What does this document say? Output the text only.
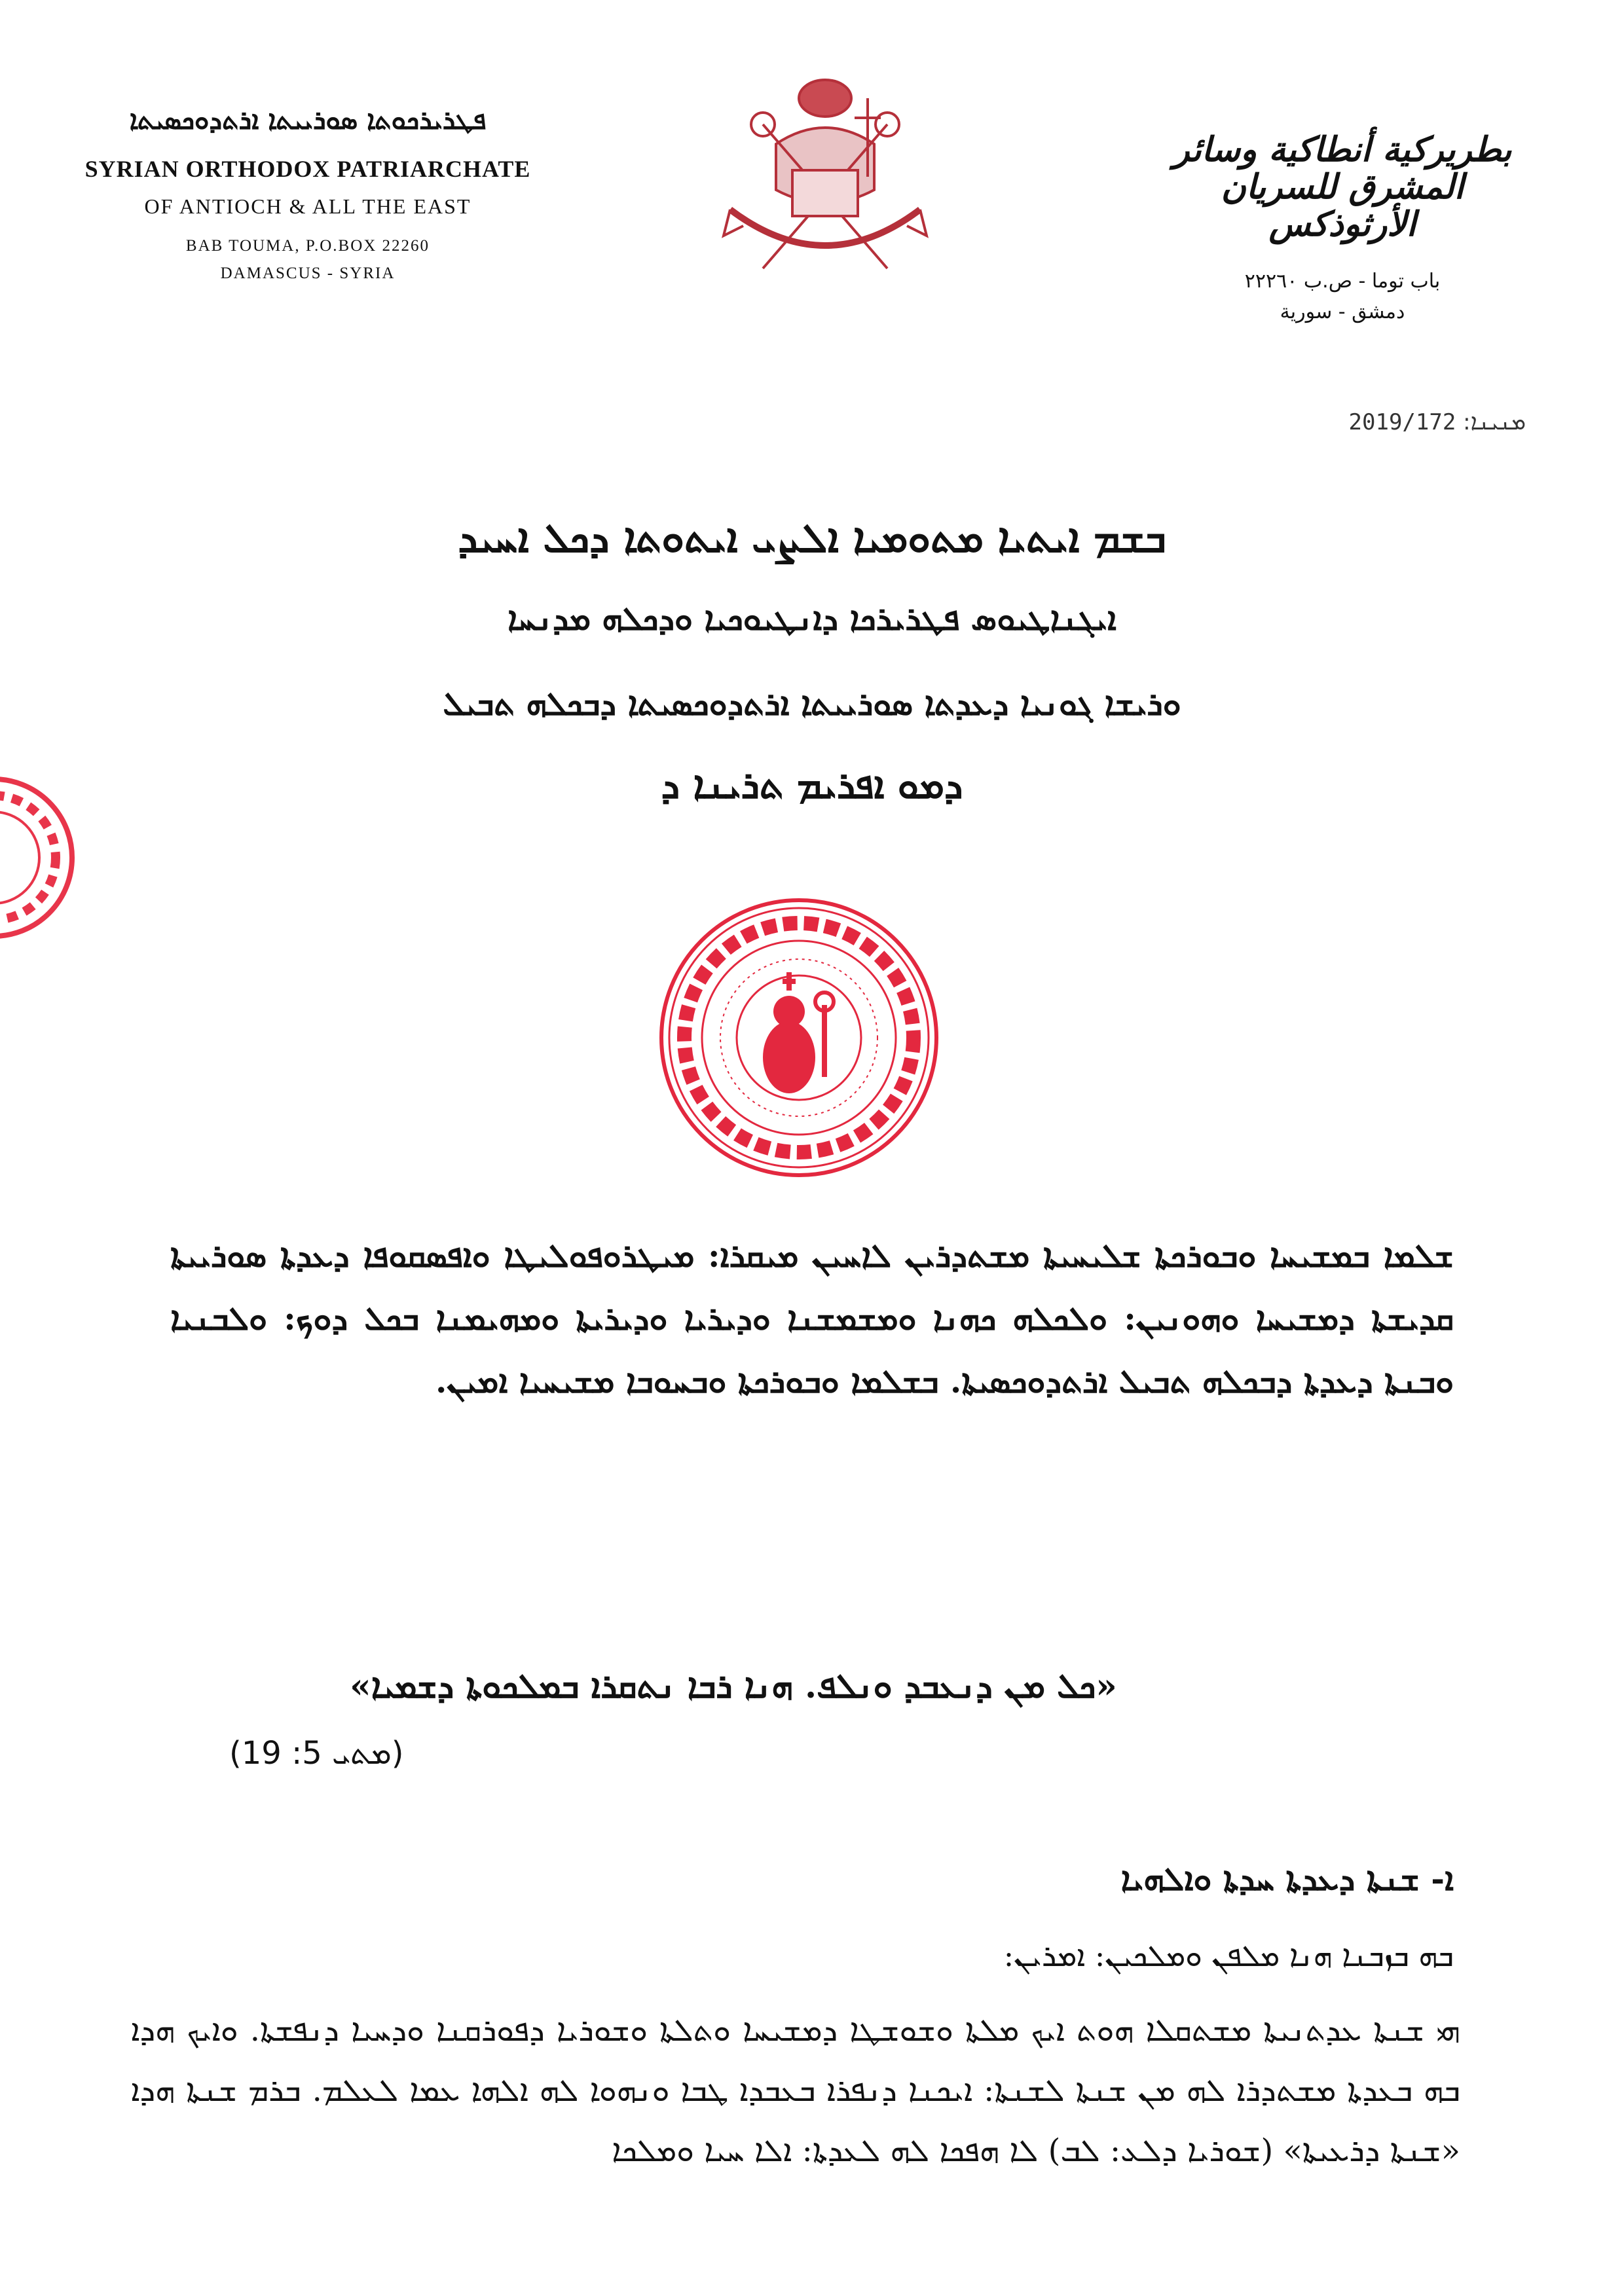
ܦܛܪܝܪܟܘܬܐ ܣܘܪܝܝܬܐ ܐܪܬܕܘܟܣܝܬܐ
SYRIAN ORTHODOX PATRIARCHATE
OF ANTIOCH & ALL THE EAST
BAB TOUMA, P.O.BOX 22260
DAMASCUS - SYRIA
بطريركية أنطاكية وسائر المشرق للسريان الأرثوذكس
باب توما - ص.ب ٢٢٢٦٠
دمشق - سورية
ܡܢܝܢܐ: 2019/172
ܒܫܡ ܐܝܬܝܐ ܡܬܘܡܝܐ ܐܠܨܝ ܐܝܬܘܬܐ ܕܟܠ ܐܚܝܕ
ܐܝܓܢܐܛܝܘܣ ܦܛܪܝܪܟܐ ܕܐܢܛܝܘܟܝܐ ܘܕܟܠܗ ܡܕܢܚܐ
ܘܪܝܫܐ ܓܘܢܝܐ ܕܥܕܬܐ ܣܘܪܝܝܬܐ ܐܪܬܕܘܟܣܝܬܐ ܕܒܟܠܗ ܬܒܝܠ
ܕܡܘ ܐܦܪܝܡ ܬܪܝܢܐ ܕ
ܫܠܡܐ ܒܡܫܝܚܐ ܘܒܘܪܟܬܐ ܫܠܝܚܝܬܐ ܡܫܬܕܪܝܢ ܠܐܚܝܢ ܡܝܩܪܐ: ܡܝܛܪܘܦܘܠܝܛܐ ܘܐܦܣܩܘܦܐ ܕܥܕܬܐ ܣܘܪܝܝܬܐ ܩܕܝܫܬܐ ܕܡܫܝܚܐ ܘܗܘܢܝܢ: ܘܠܟܠܗ ܟܗܢܐ ܘܡܫܡܫܢܐ ܘܕܝܪܝܐ ܘܕܝܪܝܬܐ ܘܡܗܝܡܢܐ ܒܟܠ ܕܘܟ: ܘܠܒܢܝܐ ܘܒܢܬܐ ܕܥܕܬܐ ܕܒܟܠܗ ܬܒܝܠ ܐܪܬܕܘܟܣܝܬܐ. ܒܫܠܡܐ ܘܒܘܪܟܬܐ ܘܒܚܘܒܐ ܡܫܝܚܝܐ ܐܡܝܢ.
«ܟܠ ܡܢ ܕܢܥܒܕ ܘܢܠܦ. ܗܢܐ ܪܒܐ ܢܬܩܪܐ ܒܡܠܟܘܬܐ ܕܫܡܝܐ»
(ܡܬܝ 5: 19)
ܐ- ܫܢܬܐ ܕܥܕܬܐ ܚܕܬܐ ܘܐܠܗܝܐ
ܒܗ ܒܙܒܢܐ ܗܢܐ ܡܠܦܢ ܘܡܠܟܝܢ: ܐܡܪܝܢ:
ܗܝ ܫܢܬܐ ܥܕܬܢܝܬܐ ܡܫܬܩܠܐ ܗܘܬ ܐܝܟ ܡܠܬܐ ܘܫܘܫܛܐ ܕܡܫܝܚܐ ܘܬܠܬܐ ܘܫܘܪܝܐ ܕܦܘܪܩܢܐ ܘܕܚܝܐ ܕܢܦܫܬܐ. ܘܐܝܟ ܗܕܐ ܒܗ ܒܥܕܬܐ ܡܫܬܕܪܐ ܠܗ ܡܢ ܫܢܬܐ ܠܫܢܬܐ: ܐܝܟܢܐ ܕܢܦܪܐ ܒܥܒܕܐ ܛܒܐ ܘܢܗܘܐ ܠܗ ܐܠܗܐ ܥܡܐ ܠܥܠܡ. ܒܪܡ ܫܢܬܐ ܗܕܐ «ܫܢܬܐ ܕܪܥܝܬܐ» (ܫܘܪܝܐ ܕܠܥ: ܠܒ) ܠܐ ܗܦܟܐ ܠܗ ܠܥܕܬܐ: ܐܠܐ ܚܝܐ ܘܡܠܟܐ
